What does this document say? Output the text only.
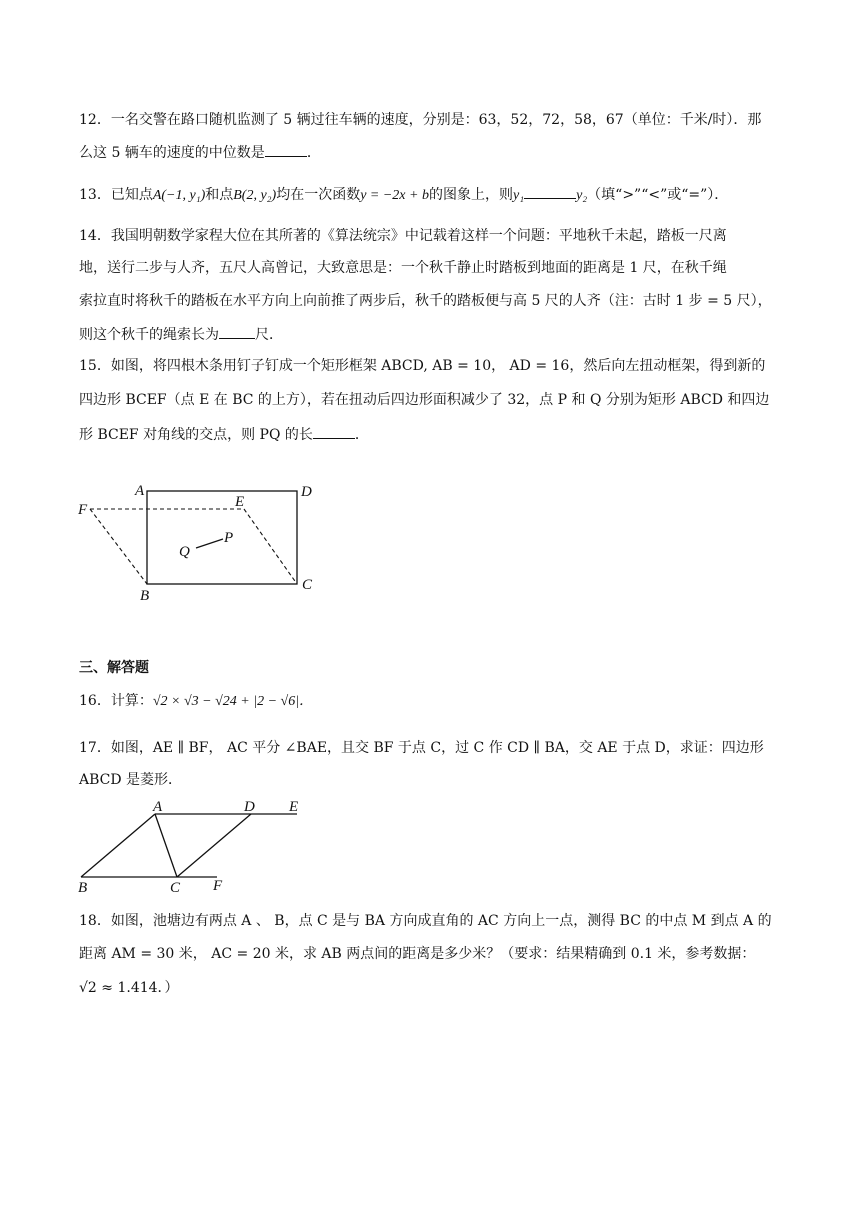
12．一名交警在路口随机监测了 5 辆过往车辆的速度，分别是：63，52，72，58，67（单位：千米/时）．那
么这 5 辆车的速度的中位数是	．
13．已知点A(−1, y₁)和点B(2, y₂)均在一次函数y = −2x + b的图象上，则y₁	y₂（填“>”“<”或“=”）．
14．我国明朝数学家程大位在其所著的《算法统宗》中记载着这样一个问题：平地秋千未起，踏板一尺离
地，送行二步与人齐，五尺人高曾记，大致意思是：一个秋千静止时踏板到地面的距离是 1 尺，在秋千绳
索拉直时将秋千的踏板在水平方向上向前推了两步后，秋千的踏板便与高 5 尺的人齐（注：古时 1 步 = 5 尺），
则这个秋千的绳索长为	尺．
15．如图，将四根木条用钉子钉成一个矩形框架 ABCD, AB = 10， AD = 16，然后向左扭动框架，得到新的
四边形 BCEF（点 E 在 BC 的上方），若在扭动后四边形面积减少了 32，点 P 和 Q 分别为矩形 ABCD 和四边
形 BCEF 对角线的交点，则 PQ 的长	．
A	D
E
F
P
Q
B
C
三、解答题
16．计算：√2 × √3 − √24 + |2 − √6|．
17．如图，AE ∥ BF， AC 平分 ∠BAE，且交 BF 于点 C，过 C 作 CD ∥ BA，交 AE 于点 D，求证：四边形
ABCD 是菱形．
A	D E
B	C F
18．如图，池塘边有两点 A 、 B，点 C 是与 BA 方向成直角的 AC 方向上一点，测得 BC 的中点 M 到点 A 的
距离 AM = 30 米， AC = 20 米，求 AB 两点间的距离是多少米？（要求：结果精确到 0.1 米，参考数据：
√2 ≈ 1.414．）
